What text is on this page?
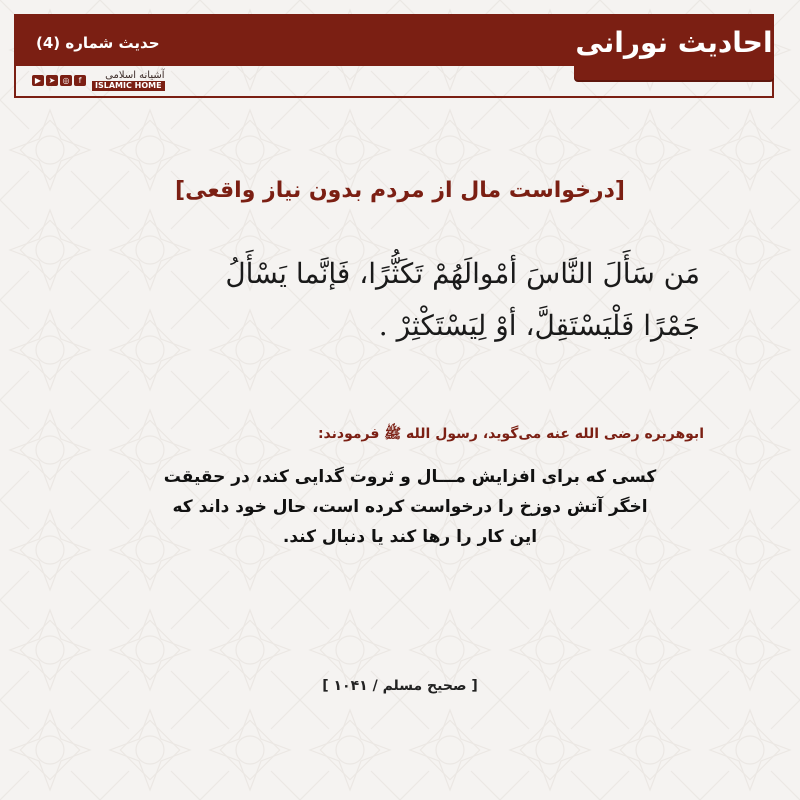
احادیث نورانی
حدیث شماره (4)
▶ ➤ ◎	f	آشیانه اسلامی
ISLAMIC HOME
[درخواست مال از مردم بدون نیاز واقعی]
مَن سَأَلَ النَّاسَ أمْوالَهُمْ تَكَثُّرًا، فَإنَّما يَسْأَلُ
جَمْرًا فَلْيَسْتَقِلَّ، أوْ لِيَسْتَكْثِرْ .
ابوهریره رضی الله عنه می‌گوید، رسول الله ﷺ فرمودند:
کسی که برای افزایش مـــال و ثروت گدایی کند، در حقیقت
اخگر آتش دوزخ را درخواست کرده است، حال خود داند که
این کار را رها کند یا دنبال کند.
[ صحیح مسلم / ۱۰۴۱ ]
